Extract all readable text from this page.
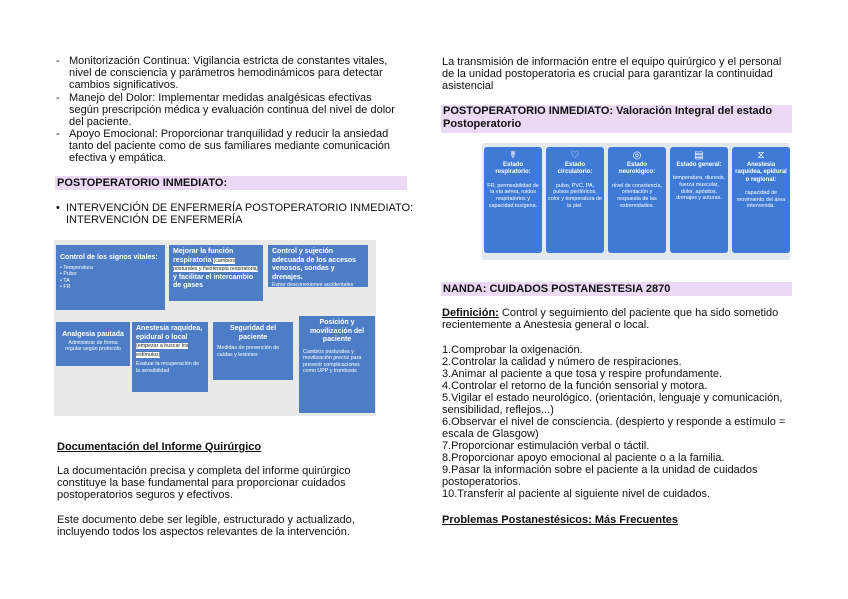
- Monitorización Continua: Vigilancia estricta de constantes vitales,
nivel de consciencia y parámetros hemodinámicos para detectar
cambios significativos.
- Manejo del Dolor: Implementar medidas analgésicas efectivas
según prescripción médica y evaluación continua del nivel de dolor
del paciente.
- Apoyo Emocional: Proporcionar tranquilidad y reducir la ansiedad
tanto del paciente como de sus familiares mediante comunicación
efectiva y empática.
POSTOPERATORIO INMEDIATO:
• INTERVENCIÓN DE ENFERMERÍA POSTOPERATORIO INMEDIATO:
INTERVENCIÓN DE ENFERMERÍA
Control de los signos vitales:
• Temperatura
• Pulso
• TA
• FR
Mejorar la función respiratoria (cambios posturales y fisioterapia respiratoria) y facilitar el intercambio de gases
Control y sujeción adecuada de los accesos venosos, sondas y drenajes.
Evitar desconexiones accidentales
Analgesia pautada
Administrar de forma regular según protocolo
Anestesia raquídea, epidural o local (empezar a buscar los estímulos)
Evaluar la recuperación de la sensibilidad
Seguridad del paciente
Medidas de prevención de caídas y lesiones
Posición y movilización del paciente
Cambios posturales y movilización precoz para prevenir complicaciones como UPP y trombosis
Documentación del Informe Quirúrgico
La documentación precisa y completa del informe quirúrgico
constituye la base fundamental para proporcionar cuidados
postoperatorios seguros y efectivos.
Este documento debe ser legible, estructurado y actualizado,
incluyendo todos los aspectos relevantes de la intervención.
La transmisión de información entre el equipo quirúrgico y el personal
de la unidad postoperatoria es crucial para garantizar la continuidad
asistencial
POSTOPERATORIO INMEDIATO: Valoración Integral del estado
Postoperatorio
☤
Estado respiratorio:
FR, permeabilidad de la vía aérea, ruidos respiratorios y capacidad tusígena.
♡
Estado circulatorio:
pulso, PVC, PA, pulsos periféricos, color y temperatura de la piel.
◎
Estado neurológico:
nivel de consciencia, orientación y respuesta de las extremidades.
▤
Estado general:
temperatura, diuresis, fuerza muscular, dolor, apósitos, drenajes y suturas.
⧖
Anestesia raquídea, epidural o regional:
capacidad de movimiento del área intervenida.
NANDA: CUIDADOS POSTANESTESIA 2870
Definición: Control y seguimiento del paciente que ha sido sometido
recientemente a Anestesia general o local.
1.Comprobar la oxigenación.
2.Controlar la calidad y número de respiraciones.
3.Animar al paciente a que tosa y respire profundamente.
4.Controlar el retorno de la función sensorial y motora.
5.Vigilar el estado neurológico. (orientación, lenguaje y comunicación,
sensibilidad, reflejos...)
6.Observar el nivel de consciencia. (despierto y responde a estímulo =
escala de Glasgow)
7.Proporcionar estimulación verbal o táctil.
8.Proporcionar apoyo emocional al paciente o a la familia.
9.Pasar la información sobre el paciente a la unidad de cuidados
postoperatorios.
10.Transferir al paciente al siguiente nivel de cuidados.
Problemas Postanestésicos: Más Frecuentes
